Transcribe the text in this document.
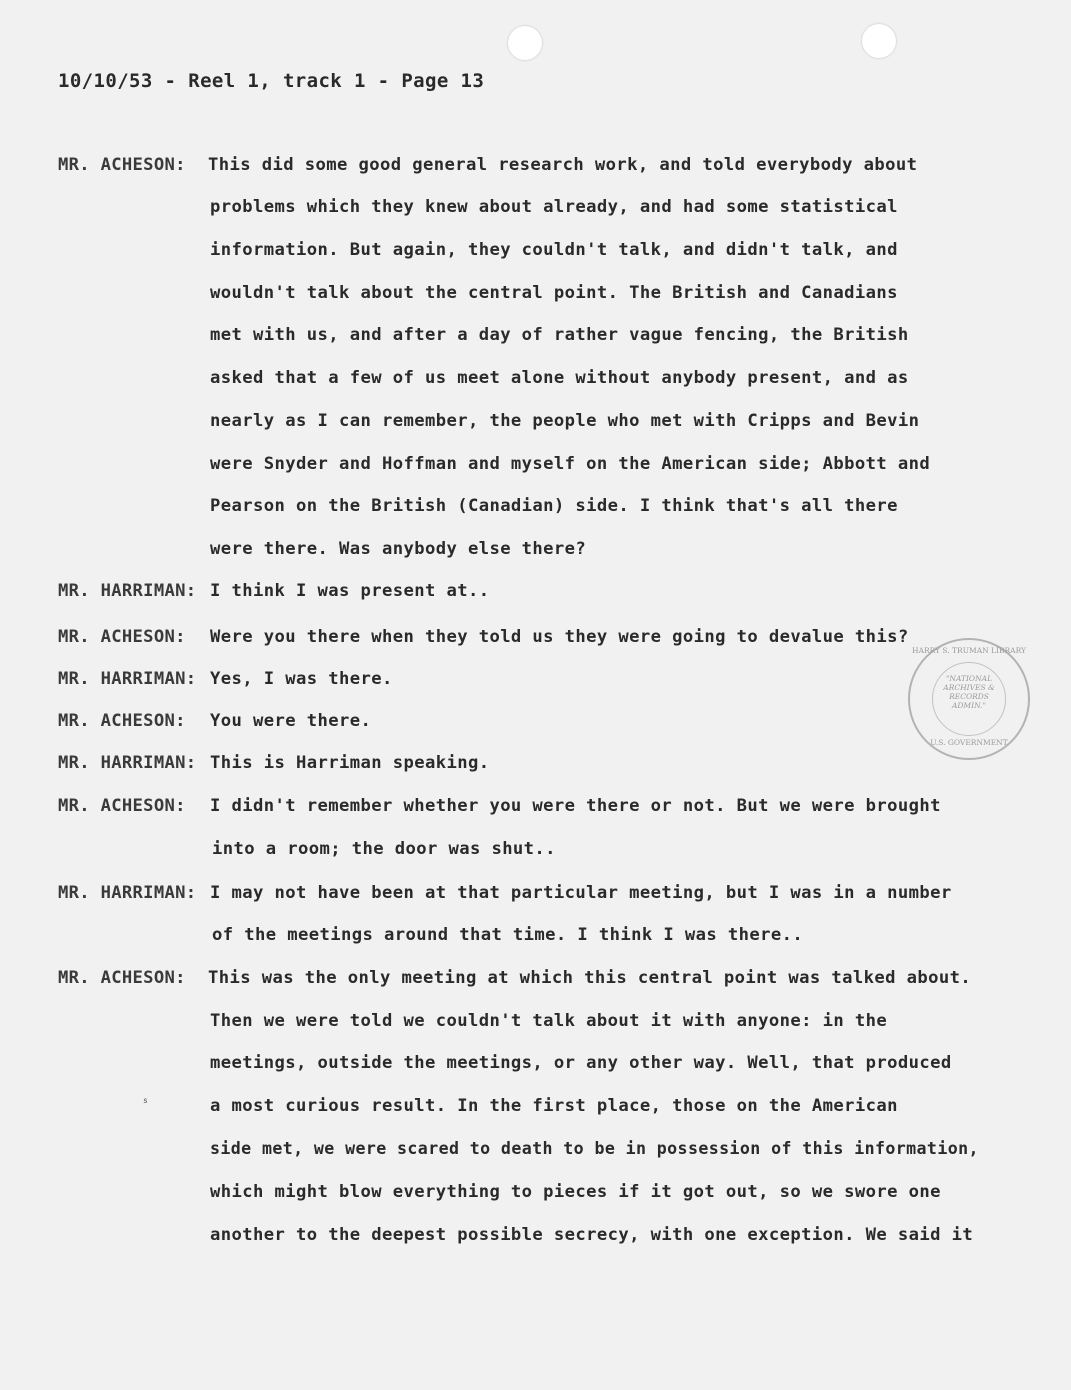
10/10/53 - Reel 1, track 1 - Page 13
MR. ACHESON:
MR. HARRIMAN:
MR. ACHESON:
MR. HARRIMAN:
MR. ACHESON:
MR. HARRIMAN:
MR. ACHESON:
MR. HARRIMAN:
MR. ACHESON:
This did some good general research work, and told everybody about
problems which they knew about already, and had some statistical
information. But again, they couldn't talk, and didn't talk, and
wouldn't talk about the central point. The British and Canadians
met with us, and after a day of rather vague fencing, the British
asked that a few of us meet alone without anybody present, and as
nearly as I can remember, the people who met with Cripps and Bevin
were Snyder and Hoffman and myself on the American side; Abbott and
Pearson on the British (Canadian) side. I think that's all there
were there. Was anybody else there?
I think I was present at..
Were you there when they told us they were going to devalue this?
Yes, I was there.
You were there.
This is Harriman speaking.
I didn't remember whether you were there or not. But we were brought
into a room; the door was shut..
I may not have been at that particular meeting, but I was in a number
of the meetings around that time. I think I was there..
This was the only meeting at which this central point was talked about.
Then we were told we couldn't talk about it with anyone: in the
meetings, outside the meetings, or any other way. Well, that produced
a most curious result. In the first place, those on the American
side met, we were scared to death to be in possession of this information,
which might blow everything to pieces if it got out, so we swore one
another to the deepest possible secrecy, with one exception. We said it
s
HARRY S. TRUMAN LIBRARY
"NATIONAL
ARCHIVES &
RECORDS
ADMIN."
U.S. GOVERNMENT
